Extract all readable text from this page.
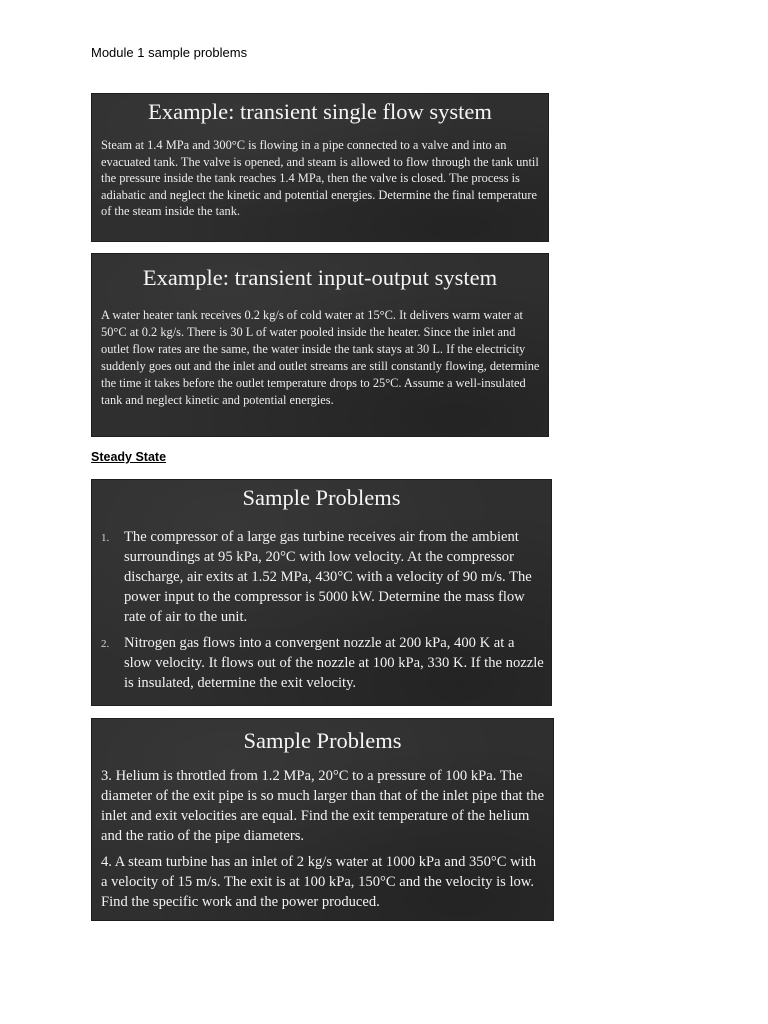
Module 1 sample problems
Example: transient single flow system
Steam at 1.4 MPa and 300°C is flowing in a pipe connected to a valve and into an evacuated tank. The valve is opened, and steam is allowed to flow through the tank until the pressure inside the tank reaches 1.4 MPa, then the valve is closed. The process is adiabatic and neglect the kinetic and potential energies. Determine the final temperature of the steam inside the tank.
Example: transient input-output system
A water heater tank receives 0.2 kg/s of cold water at 15°C. It delivers warm water at 50°C at 0.2 kg/s. There is 30 L of water pooled inside the heater. Since the inlet and outlet flow rates are the same, the water inside the tank stays at 30 L. If the electricity suddenly goes out and the inlet and outlet streams are still constantly flowing, determine the time it takes before the outlet temperature drops to 25°C. Assume a well-insulated tank and neglect kinetic and potential energies.
Steady State
Sample Problems
1. The compressor of a large gas turbine receives air from the ambient surroundings at 95 kPa, 20°C with low velocity. At the compressor discharge, air exits at 1.52 MPa, 430°C with a velocity of 90 m/s. The power input to the compressor is 5000 kW. Determine the mass flow rate of air to the unit.
2. Nitrogen gas flows into a convergent nozzle at 200 kPa, 400 K at a slow velocity. It flows out of the nozzle at 100 kPa, 330 K. If the nozzle is insulated, determine the exit velocity.
Sample Problems
3. Helium is throttled from 1.2 MPa, 20°C to a pressure of 100 kPa. The diameter of the exit pipe is so much larger than that of the inlet pipe that the inlet and exit velocities are equal. Find the exit temperature of the helium and the ratio of the pipe diameters.
4. A steam turbine has an inlet of 2 kg/s water at 1000 kPa and 350°C with a velocity of 15 m/s. The exit is at 100 kPa, 150°C and the velocity is low. Find the specific work and the power produced.
